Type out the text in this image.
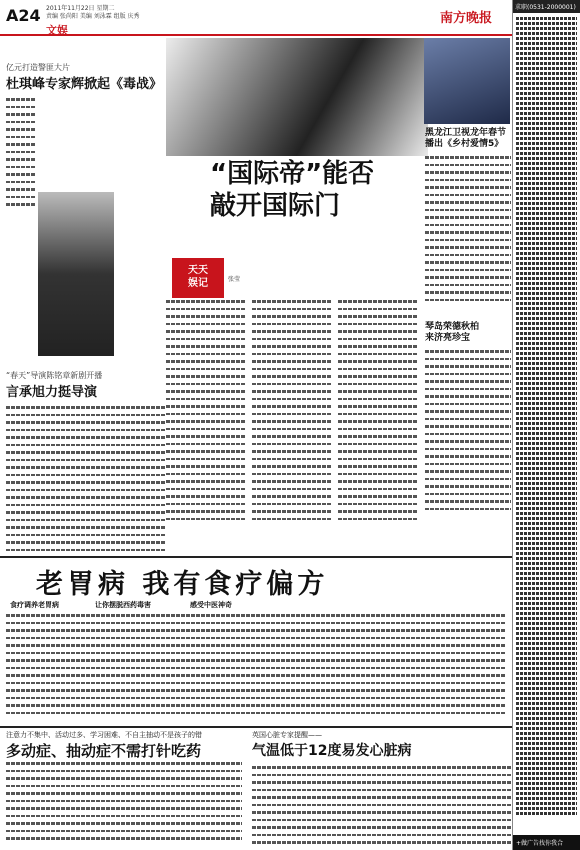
A24 2011年11月22日 星期二
责编 张尚阳 美编 刘泳霖 组版 庆秀
文娱
南方晚报
亿元打造警匪大片
杜琪峰专家辉掀起《毒战》
“春天”导演陈铭章新剧开播
言承旭力挺导演
“国际帝”能否
敲开国际门
天天
娱记	张莹
黑龙江卫视龙年春节
播出《乡村爱情5》
琴岛荣德秋柏
来济亮珍宝
老胃病 我有食疗偏方
食疗调养老胃病	让你摆脱西药毒害	感受中医神奇
注意力不集中、活动过多、学习困难、不自主抽动不是孩子的错
多动症、抽动症不需打针吃药
英国心脏专家提醒——
气温低于12度易发心脏病
求职(0531-2000001)
+做广告找你我合
